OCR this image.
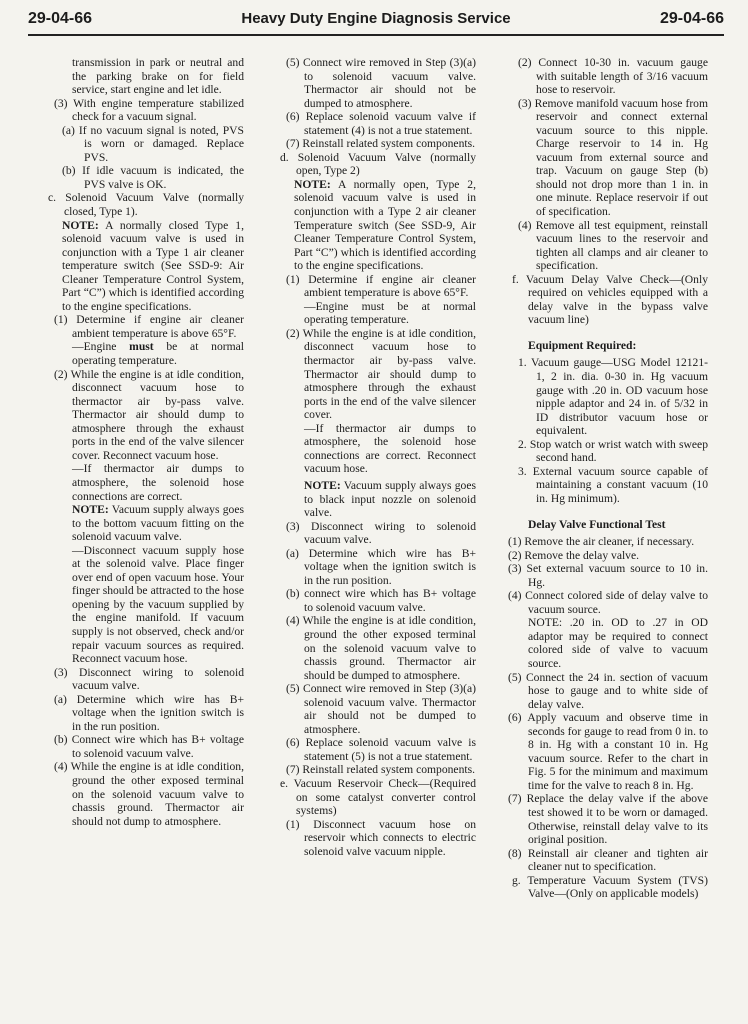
29-04-66	Heavy Duty Engine Diagnosis Service	29-04-66

transmission in park or neutral and the parking brake on for field service, start engine and let idle.

(3) With engine temperature stabilized check for a vacuum signal.

(a) If no vacuum signal is noted, PVS is worn or damaged. Replace PVS.

(b) If idle vacuum is indicated, the PVS valve is OK.

c. Solenoid Vacuum Valve (normally closed, Type 1).

NOTE: A normally closed Type 1, solenoid vacuum valve is used in conjunction with a Type 1 air cleaner temperature switch (See SSD-9: Air Cleaner Temperature Control System, Part “C”) which is identified according to the engine specifications.

(1) Determine if engine air cleaner ambient temperature is above 65°F.

—Engine must be at normal operating temperature.

(2) While the engine is at idle condition, disconnect vacuum hose to thermactor air by-pass valve. Thermactor air should dump to atmosphere through the exhaust ports in the end of the valve silencer cover. Reconnect vacuum hose.

—If thermactor air dumps to atmosphere, the solenoid hose connections are correct.

NOTE: Vacuum supply always goes to the bottom vacuum fitting on the solenoid vacuum valve.

—Disconnect vacuum supply hose at the solenoid valve. Place finger over end of open vacuum hose. Your finger should be attracted to the hose opening by the vacuum supplied by the engine manifold. If vacuum supply is not observed, check and/or repair vacuum sources as required. Reconnect vacuum hose.

(3) Disconnect wiring to solenoid vacuum valve.

(a) Determine which wire has B+ voltage when the ignition switch is in the run position.

(b) Connect wire which has B+ voltage to solenoid vacuum valve.

(4) While the engine is at idle condition, ground the other exposed terminal on the solenoid vacuum valve to chassis ground. Thermactor air should not dump to atmosphere.

(5) Connect wire removed in Step (3)(a) to solenoid vacuum valve. Thermactor air should not be dumped to atmosphere.

(6) Replace solenoid vacuum valve if statement (4) is not a true statement.

(7) Reinstall related system components.

d. Solenoid Vacuum Valve (normally open, Type 2)

NOTE: A normally open, Type 2, solenoid vacuum valve is used in conjunction with a Type 2 air cleaner Temperature switch (See SSD-9, Air Cleaner Temperature Control System, Part “C”) which is identified according to the engine specifications.

(1) Determine if engine air cleaner ambient temperature is above 65°F.

—Engine must be at normal operating temperature.

(2) While the engine is at idle condition, disconnect vacuum hose to thermactor air by-pass valve. Thermactor air should dump to atmosphere through the exhaust ports in the end of the valve silencer cover.

—If thermactor air dumps to atmosphere, the solenoid hose connections are correct. Reconnect vacuum hose.

NOTE: Vacuum supply always goes to black input nozzle on solenoid valve.

(3) Disconnect wiring to solenoid vacuum valve.

(a) Determine which wire has B+ voltage when the ignition switch is in the run position.

(b) connect wire which has B+ voltage to solenoid vacuum valve.

(4) While the engine is at idle condition, ground the other exposed terminal on the solenoid vacuum valve to chassis ground. Thermactor air should be dumped to atmosphere.

(5) Connect wire removed in Step (3)(a) solenoid vacuum valve. Thermactor air should not be dumped to atmosphere.

(6) Replace solenoid vacuum valve is statement (5) is not a true statement.

(7) Reinstall related system components.

e. Vacuum Reservoir Check—(Required on some catalyst converter control systems)

(1) Disconnect vacuum hose on reservoir which connects to electric solenoid valve vacuum nipple.

(2) Connect 10-30 in. vacuum gauge with suitable length of 3/16 vacuum hose to reservoir.

(3) Remove manifold vacuum hose from reservoir and connect external vacuum source to this nipple. Charge reservoir to 14 in. Hg vacuum from external source and trap. Vacuum on gauge Step (b) should not drop more than 1 in. in one minute. Replace reservoir if out of specification.

(4) Remove all test equipment, reinstall vacuum lines to the reservoir and tighten all clamps and air cleaner to specification.

f. Vacuum Delay Valve Check—(Only required on vehicles equipped with a delay valve in the bypass valve vacuum line)

Equipment Required:

1. Vacuum gauge—USG Model 12121-1, 2 in. dia. 0-30 in. Hg vacuum gauge with .20 in. OD vacuum hose nipple adaptor and 24 in. of 5/32 in ID distributor vacuum hose or equivalent.

2. Stop watch or wrist watch with sweep second hand.

3. External vacuum source capable of maintaining a constant vacuum (10 in. Hg minimum).

Delay Valve Functional Test

(1) Remove the air cleaner, if necessary.

(2) Remove the delay valve.

(3) Set external vacuum source to 10 in. Hg.

(4) Connect colored side of delay valve to vacuum source.

NOTE: .20 in. OD to .27 in OD adaptor may be required to connect colored side of valve to vacuum source.

(5) Connect the 24 in. section of vacuum hose to gauge and to white side of delay valve.

(6) Apply vacuum and observe time in seconds for gauge to read from 0 in. to 8 in. Hg with a constant 10 in. Hg vacuum source. Refer to the chart in Fig. 5 for the minimum and maximum time for the valve to reach 8 in. Hg.

(7) Replace the delay valve if the above test showed it to be worn or damaged. Otherwise, reinstall delay valve to its original position.

(8) Reinstall air cleaner and tighten air cleaner nut to specification.

g. Temperature Vacuum System (TVS) Valve—(Only on applicable models)
